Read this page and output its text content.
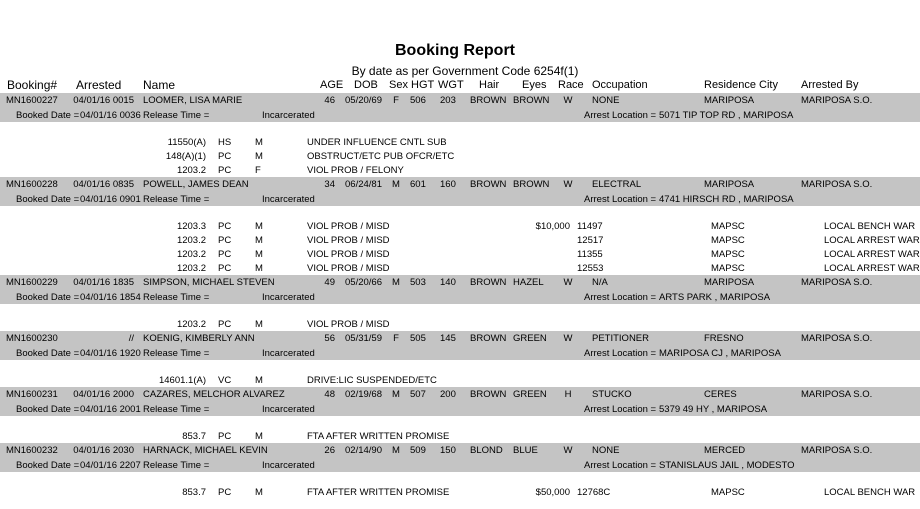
Booking Report
By date as per Government Code 6254f(1)
Booking# Arrested Name	AGE DOB Sex HGT WGT Hair Eyes Race Occupation	Residence City Arrested By
MN1600227	04/01/16 0015 LOOMER, LISA MARIE	46 05/20/69	F	506 203 BROWN BROWN	W	NONE	MARIPOSA	MARIPOSA S.O.
Booked Date = 04/01/16 0036 Release Time =	Incarcerated	Arrest Location = 5071 TIP TOP RD , MARIPOSA
11550(A) HS	M	UNDER INFLUENCE CNTL SUB
148(A)(1) PC	M	OBSTRUCT/ETC PUB OFCR/ETC
1203.2 PC	F	VIOL PROB / FELONY
MN1600228	04/01/16 0835 POWELL, JAMES DEAN	34 06/24/81 M 601 160 BROWN BROWN	W	ELECTRAL	MARIPOSA	MARIPOSA S.O.
Booked Date = 04/01/16 0901 Release Time =	Incarcerated	Arrest Location = 4741 HIRSCH RD , MARIPOSA
1203.3 PC	M	VIOL PROB / MISD	$10,000 11497	MAPSC	LOCAL BENCH WAR
1203.2 PC	M	VIOL PROB / MISD	12517	MAPSC	LOCAL ARREST WAR
1203.2 PC	M	VIOL PROB / MISD	11355	MAPSC	LOCAL ARREST WAR
1203.2 PC	M	VIOL PROB / MISD	12553	MAPSC	LOCAL ARREST WAR
MN1600229	04/01/16 1835 SIMPSON, MICHAEL STEVEN	49 05/20/66 M 503 140 BROWN HAZEL	W	N/A	MARIPOSA	MARIPOSA S.O.
Booked Date = 04/01/16 1854 Release Time =	Incarcerated	Arrest Location = ARTS PARK , MARIPOSA
1203.2 PC	M	VIOL PROB / MISD
MN1600230	// KOENIG, KIMBERLY ANN	56 05/31/59	F	505 145 BROWN GREEN	W	PETITIONER	FRESNO	MARIPOSA S.O.
Booked Date = 04/01/16 1920 Release Time =	Incarcerated	Arrest Location = MARIPOSA CJ , MARIPOSA
14601.1(A) VC	M	DRIVE:LIC SUSPENDED/ETC
MN1600231	04/01/16 2000 CAZARES, MELCHOR ALVAREZ	48 02/19/68 M 507 200 BROWN GREEN	H	STUCKO	CERES	MARIPOSA S.O.
Booked Date = 04/01/16 2001 Release Time =	Incarcerated	Arrest Location = 5379 49 HY , MARIPOSA
853.7 PC	M	FTA AFTER WRITTEN PROMISE
MN1600232	04/01/16 2030 HARNACK, MICHAEL KEVIN	26 02/14/90 M 509 150 BLOND BLUE	W	NONE	MERCED	MARIPOSA S.O.
Booked Date = 04/01/16 2207 Release Time =	Incarcerated	Arrest Location = STANISLAUS JAIL , MODESTO
853.7 PC	M	FTA AFTER WRITTEN PROMISE	$50,000 12768C	MAPSC	LOCAL BENCH WAR
